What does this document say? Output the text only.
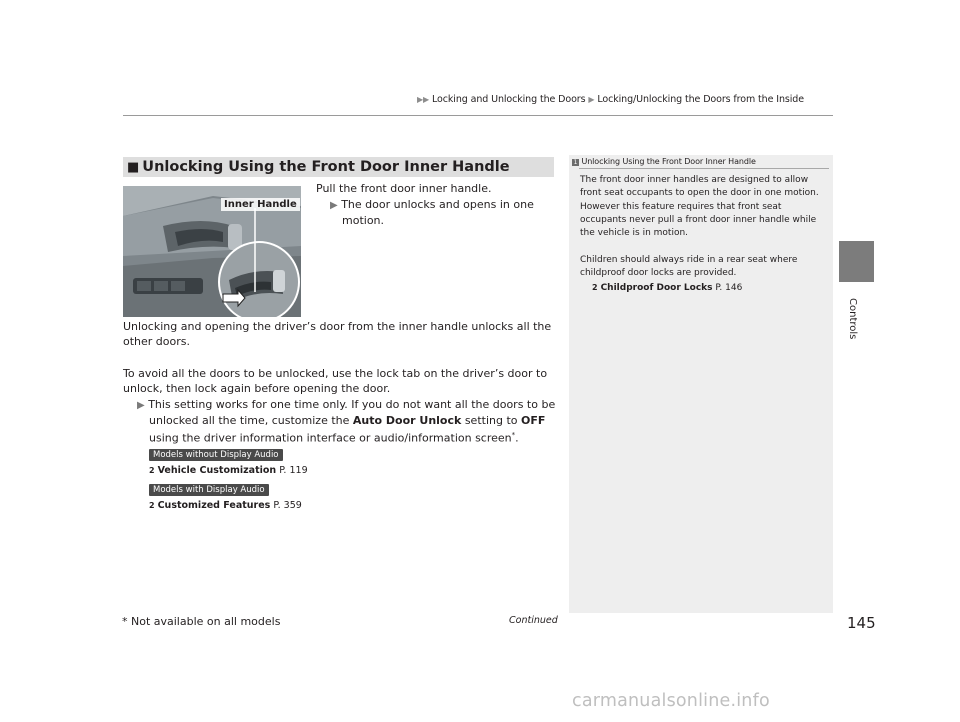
▶▶ Locking and Unlocking the Doors ▶ Locking/Unlocking the Doors from the Inside
Controls
■ Unlocking Using the Front Door Inner Handle	1 Unlocking Using the Front Door Inner Handle
The front door inner handles are designed to allow front seat occupants to open the door in one motion. However this feature requires that front seat occupants never pull a front door inner handle while the vehicle is in motion.
Children should always ride in a rear seat where childproof door locks are provided.
2 Childproof Door Locks P. 146
Inner Handle
Pull the front door inner handle.
▶ The door unlocks and opens in one motion.
Unlocking and opening the driver’s door from the inner handle unlocks all the other doors.
To avoid all the doors to be unlocked, use the lock tab on the driver’s door to unlock, then lock again before opening the door.
▶ This setting works for one time only. If you do not want all the doors to be unlocked all the time, customize the Auto Door Unlock setting to OFF using the driver information interface or audio/information screen*.
Models without Display Audio
2 Vehicle Customization P. 119
Models with Display Audio
2 Customized Features P. 359
* Not available on all models	Continued	145
carmanualsonline.info
